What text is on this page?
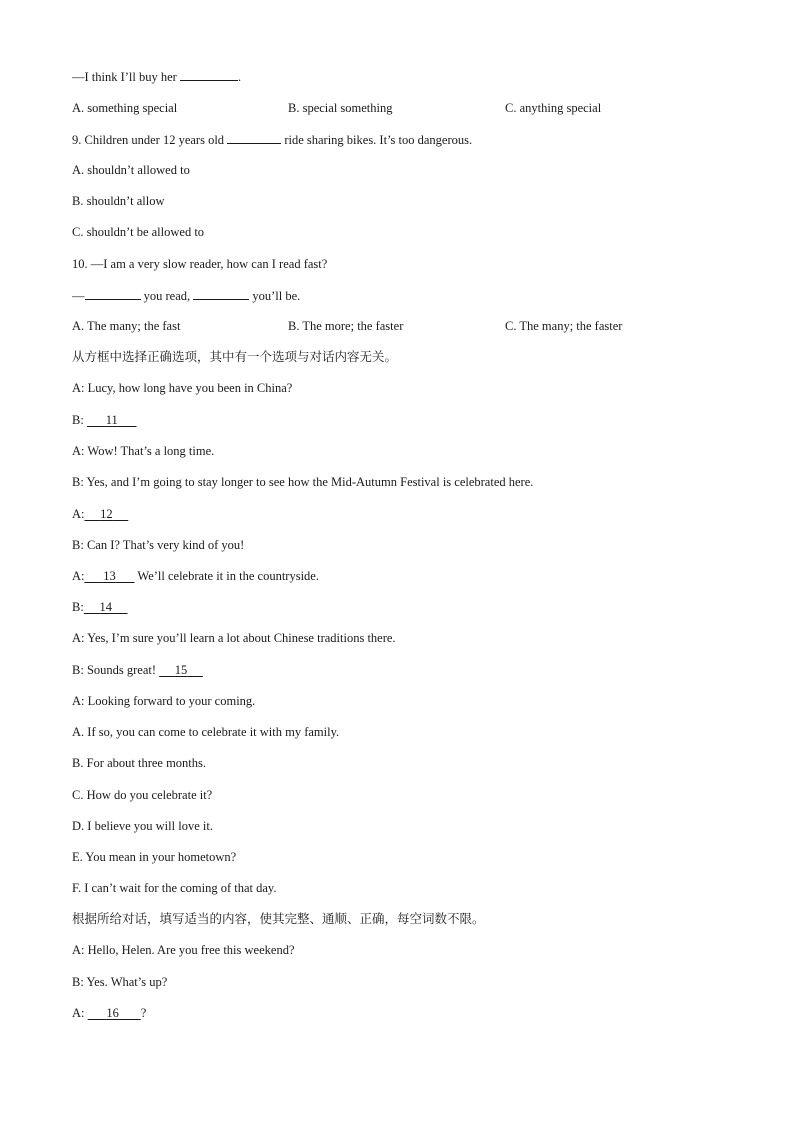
—I think I’ll buy her	.
A. something special	B. special something	C. anything special
9. Children under 12 years old	ride sharing bikes. It’s too dangerous.
A. shouldn’t allowed to
B. shouldn’t allow
C. shouldn’t be allowed to
10. —I am a very slow reader, how can I read fast?
—	you read,	you’ll be.
A. The many; the fast	B. The more; the faster	C. The many; the faster
从方框中选择正确选项，其中有一个选项与对话内容无关。
A: Lucy, how long have you been in China?
B: 11
A: Wow! That’s a long time.
B: Yes, and I’m going to stay longer to see how the Mid-Autumn Festival is celebrated here.
A: 12
B: Can I? That’s very kind of you!
A: 13 We’ll celebrate it in the countryside.
B: 14
A: Yes, I’m sure you’ll learn a lot about Chinese traditions there.
B: Sounds great! 15
A: Looking forward to your coming.
A. If so, you can come to celebrate it with my family.
B. For about three months.
C. How do you celebrate it?
D. I believe you will love it.
E. You mean in your hometown?
F. I can’t wait for the coming of that day.
根据所给对话，填写适当的内容，使其完整、通顺、正确，每空词数不限。
A: Hello, Helen. Are you free this weekend?
B: Yes. What’s up?
A: 16 ?
